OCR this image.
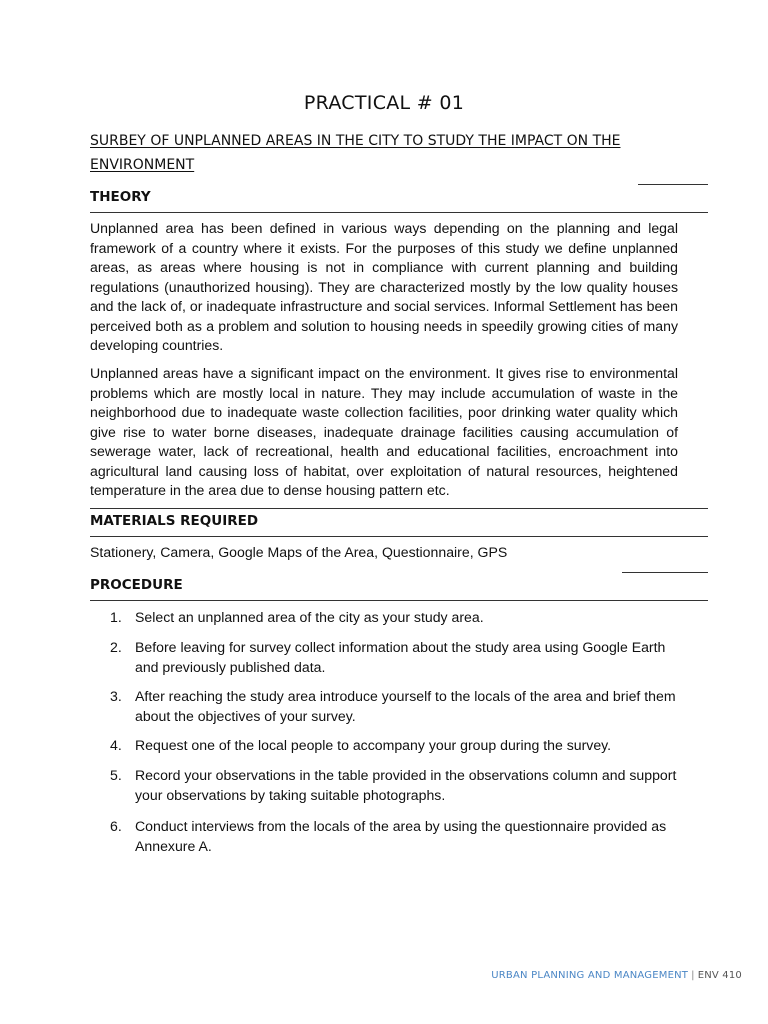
PRACTICAL # 01
SURBEY OF UNPLANNED AREAS IN THE CITY TO STUDY THE IMPACT ON THE ENVIRONMENT
THEORY

Unplanned area has been defined in various ways depending on the planning and legal framework of a country where it exists. For the purposes of this study we define unplanned areas, as areas where housing is not in compliance with current planning and building regulations (unauthorized housing). They are characterized mostly by the low quality houses and the lack of, or inadequate infrastructure and social services. Informal Settlement has been perceived both as a problem and solution to housing needs in speedily growing cities of many developing countries.

Unplanned areas have a significant impact on the environment. It gives rise to environmental problems which are mostly local in nature. They may include accumulation of waste in the neighborhood due to inadequate waste collection facilities, poor drinking water quality which give rise to water borne diseases, inadequate drainage facilities causing accumulation of sewerage water, lack of recreational, health and educational facilities, encroachment into agricultural land causing loss of habitat, over exploitation of natural resources, heightened temperature in the area due to dense housing pattern etc.

MATERIALS REQUIRED
Stationery, Camera, Google Maps of the Area, Questionnaire, GPS
PROCEDURE
1. Select an unplanned area of the city as your study area.
2. Before leaving for survey collect information about the study area using Google Earth and previously published data.
3. After reaching the study area introduce yourself to the locals of the area and brief them about the objectives of your survey.
4. Request one of the local people to accompany your group during the survey.
5. Record your observations in the table provided in the observations column and support your observations by taking suitable photographs.
6. Conduct interviews from the locals of the area by using the questionnaire provided as Annexure A.
URBAN PLANNING AND MANAGEMENT | ENV 410
